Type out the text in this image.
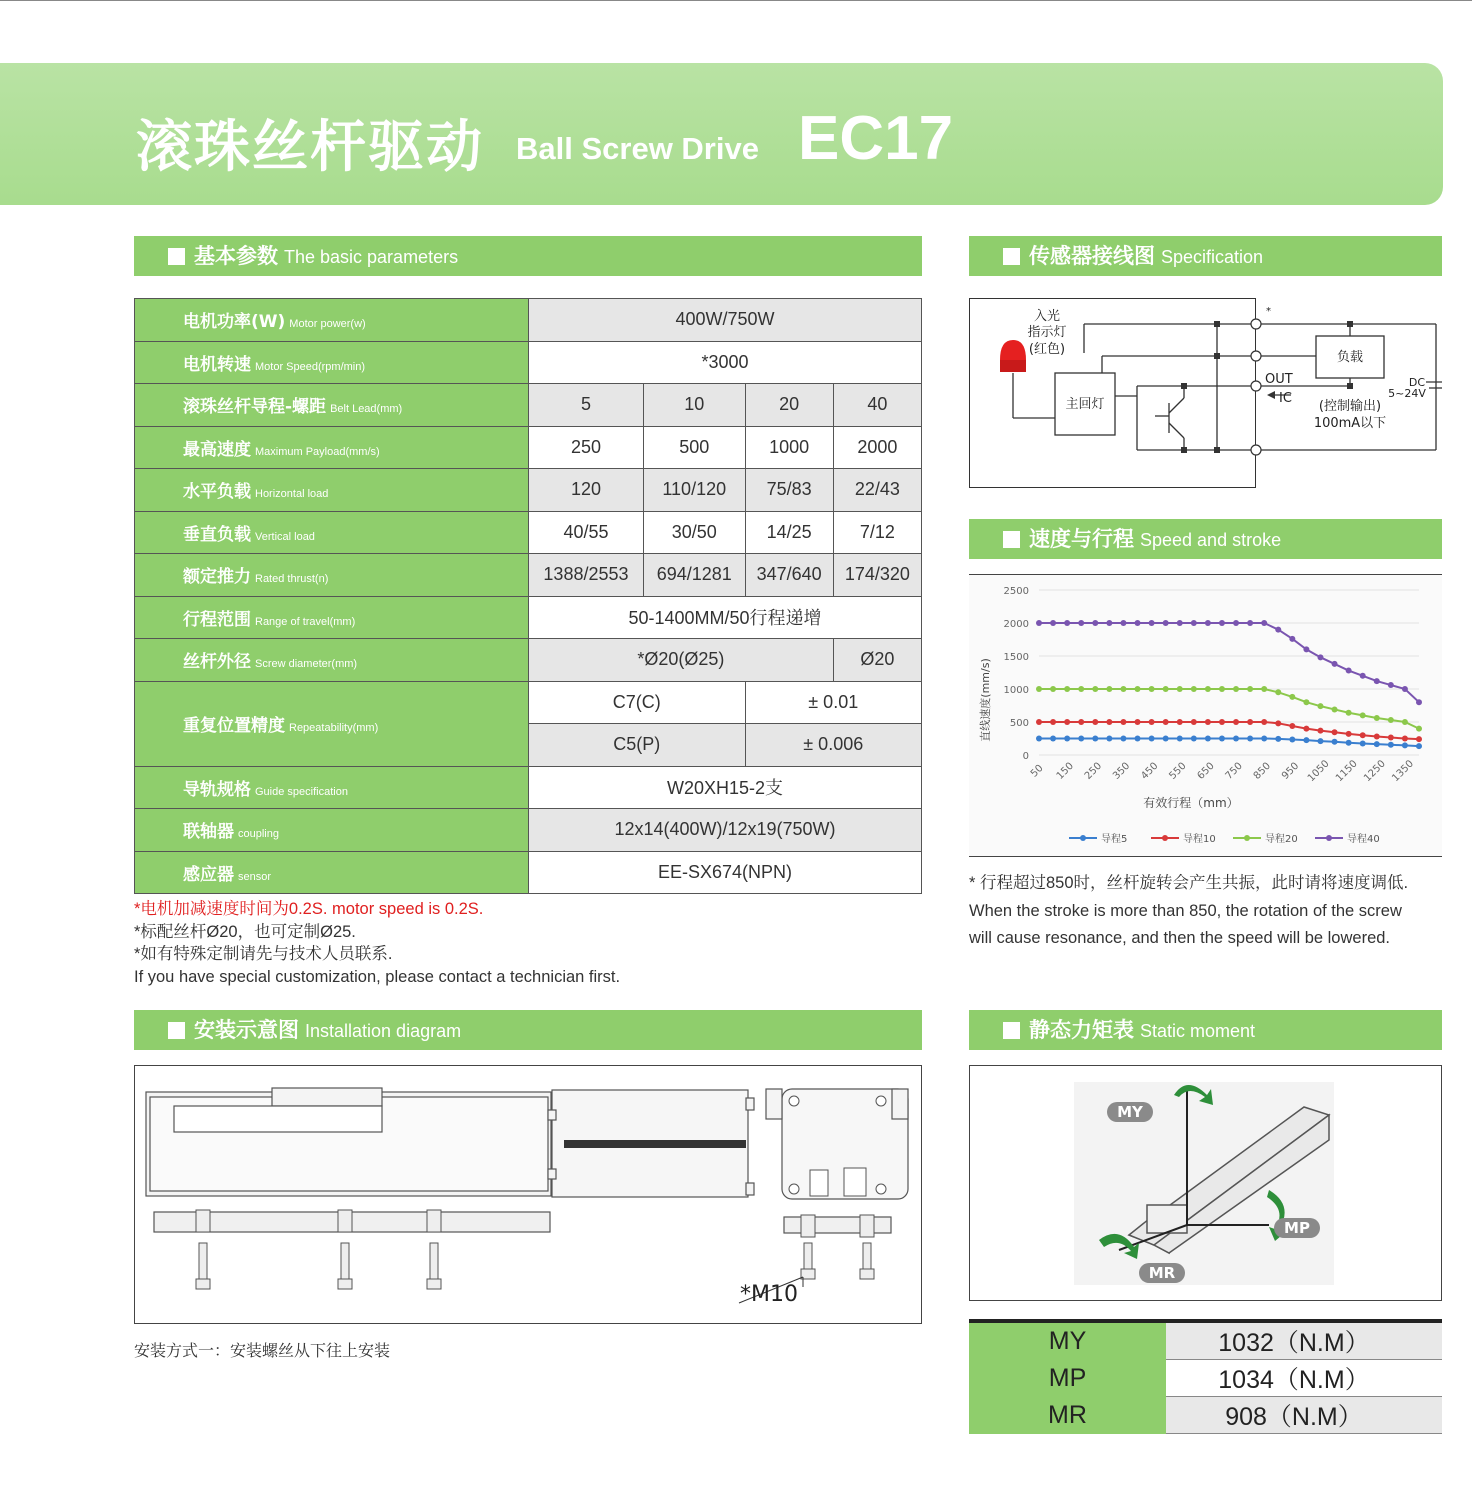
滚珠丝杆驱动 Ball Screw Drive EC17
基本参数 The basic parameters	传感器接线图 Specification
速度与行程 Speed and stroke
安装示意图 Installation diagram	静态力矩表 Static moment
电机功率(W) Motor power(w)	400W/750W			
电机转速 Motor Speed(rpm/min)	*3000			
滚珠丝杆导程-螺距 Belt Lead(mm)	5	10	20	40
最高速度 Maximum Payload(mm/s)	250	500	1000	2000
水平负载 Horizontal load	120	110/120	75/83	22/43
垂直负载 Vertical load	40/55	30/50	14/25	7/12
额定推力 Rated thrust(n)	1388/2553	694/1281	347/640	174/320
行程范围 Range of travel(mm)	50-1400MM/50行程递增			
丝杆外径 Screw diameter(mm)	*Ø20(Ø25)			Ø20
重复位置精度 Repeatability(mm)	C7(C)		± 0.01	
	C5(P)		± 0.006	
导轨规格 Guide specification	W20XH15-2支			
联轴器 coupling	12x14(400W)/12x19(750W)			
感应器 sensor	EE-SX674(NPN)			
*电机加减速度时间为0.2S. motor speed is 0.2S.
*标配丝杆Ø20，也可定制Ø25.
*如有特殊定制请先与技术人员联系.
If you have special customization, please contact a technician first.
入光
指示灯
(红色)
主回灯
负载
OUT
IC
(控制输出)
100mA以下
DC
5~24V
*
2500
2000
1500
1000
500
0
50 150 250 350 450 550 650 750 850 950 1050 1150 1250 1350
直线速度(mm/s)
有效行程（mm）
导程5	导程10	导程20	导程40
* 行程超过850时，丝杆旋转会产生共振，此时请将速度调低.
When the stroke is more than 850, the rotation of the screw
will cause resonance, and then the speed will be lowered.
*M10
安装方式一：安装螺丝从下往上安装
MY
MP
MR
MY	1032（N.M）
MP	1034（N.M）
MR	908（N.M）
